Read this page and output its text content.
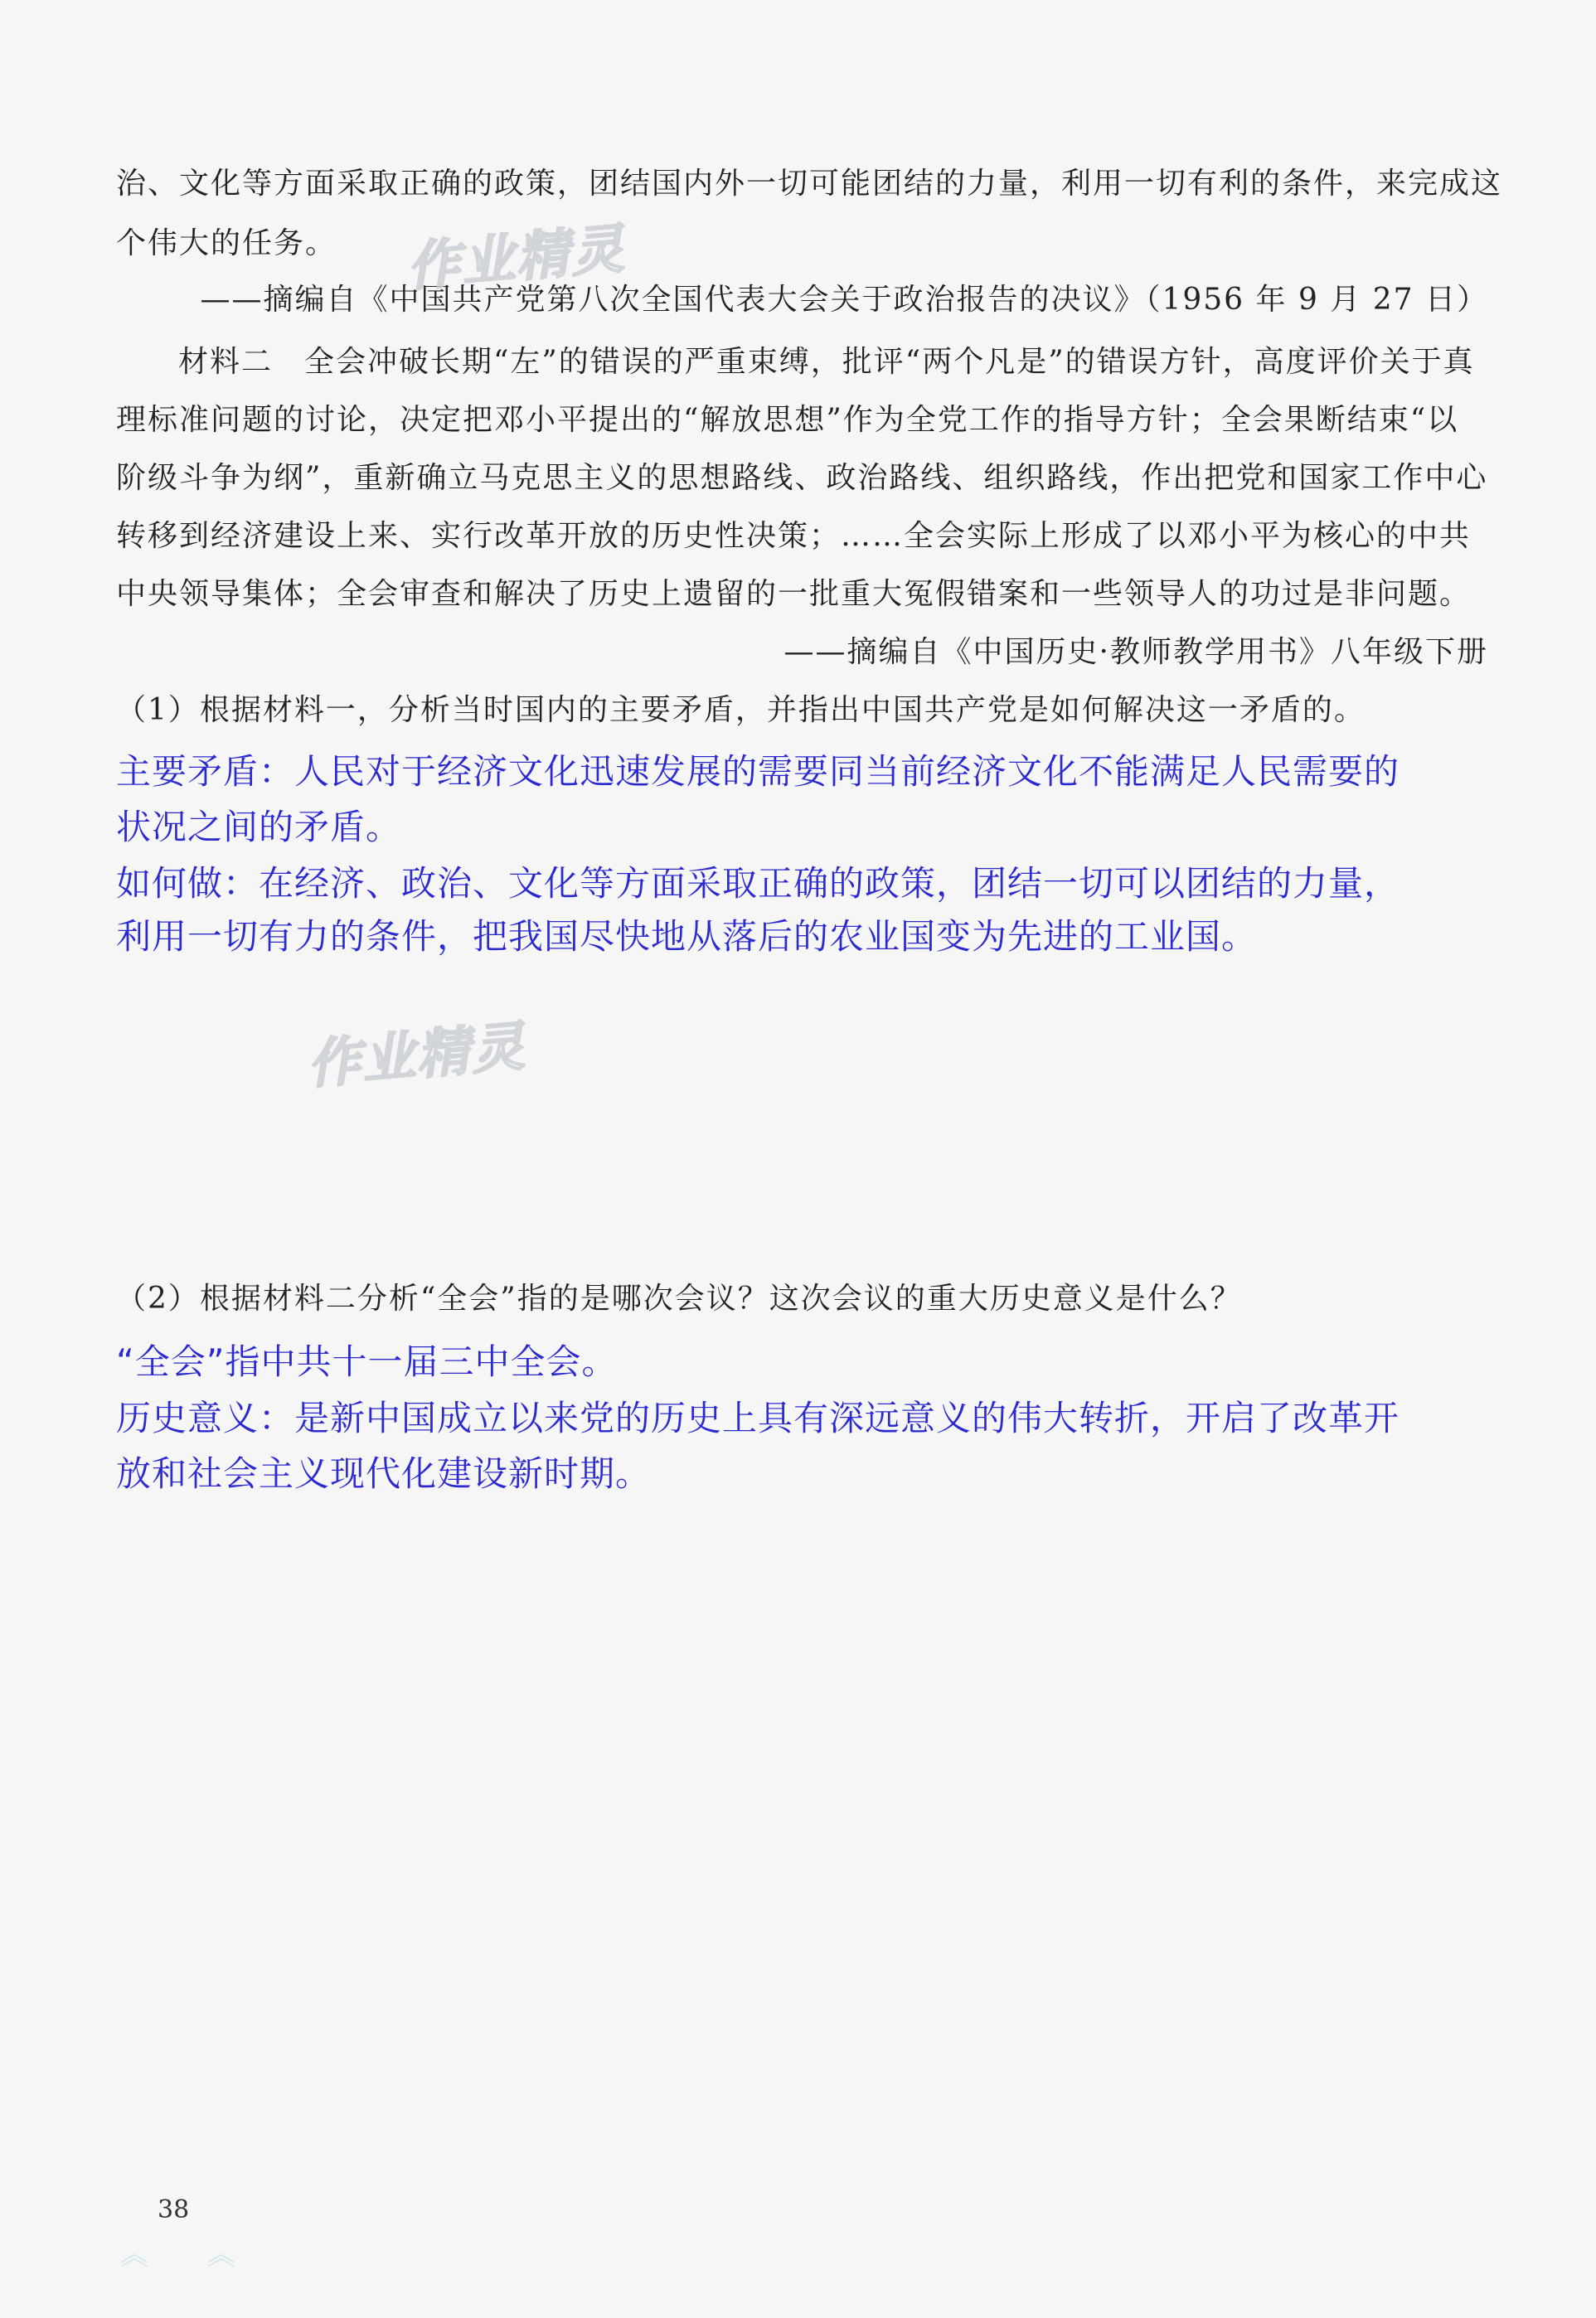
治、文化等方面采取正确的政策，团结国内外一切可能团结的力量，利用一切有利的条件，来完成这
个伟大的任务。
——摘编自《中国共产党第八次全国代表大会关于政治报告的决议》（1956 年 9 月 27 日）
材料二　全会冲破长期“左”的错误的严重束缚，批评“两个凡是”的错误方针，高度评价关于真
理标准问题的讨论，决定把邓小平提出的“解放思想”作为全党工作的指导方针；全会果断结束“以
阶级斗争为纲”，重新确立马克思主义的思想路线、政治路线、组织路线，作出把党和国家工作中心
转移到经济建设上来、实行改革开放的历史性决策；……全会实际上形成了以邓小平为核心的中共
中央领导集体；全会审查和解决了历史上遗留的一批重大冤假错案和一些领导人的功过是非问题。
——摘编自《中国历史·教师教学用书》八年级下册
（1）根据材料一，分析当时国内的主要矛盾，并指出中国共产党是如何解决这一矛盾的。
主要矛盾：人民对于经济文化迅速发展的需要同当前经济文化不能满足人民需要的
状况之间的矛盾。
如何做：在经济、政治、文化等方面采取正确的政策，团结一切可以团结的力量，
利用一切有力的条件，把我国尽快地从落后的农业国变为先进的工业国。
（2）根据材料二分析“全会”指的是哪次会议？这次会议的重大历史意义是什么？
“全会”指中共十一届三中全会。
历史意义：是新中国成立以来党的历史上具有深远意义的伟大转折，开启了改革开
放和社会主义现代化建设新时期。
作业精灵
作业精灵
38
︽ ︽
